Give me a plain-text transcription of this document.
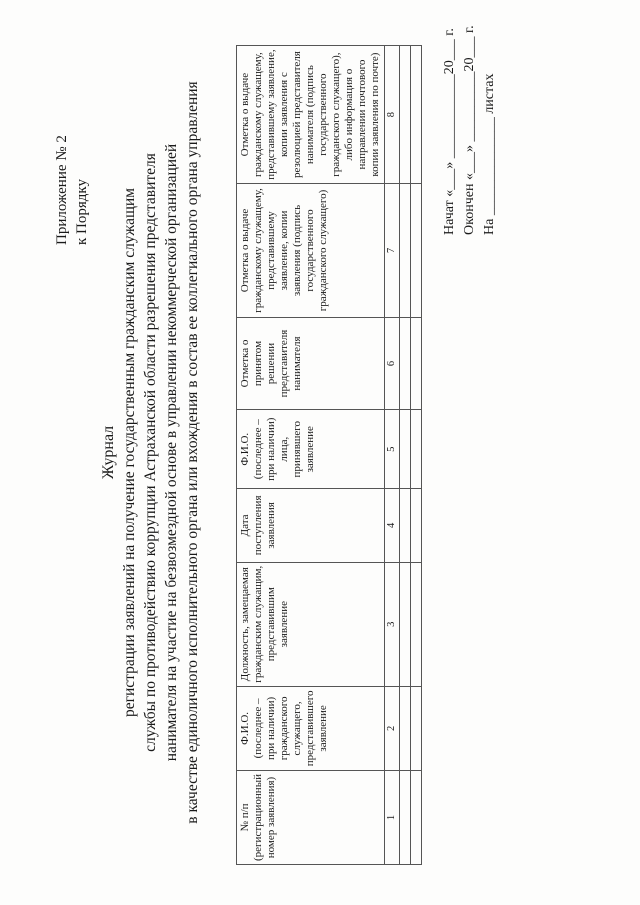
Приложение № 2 к Порядку
Журнал регистрации заявлений на получение государственным гражданским служащим службы по противодействию коррупции Астраханской области разрешения представителя нанимателя на участие на безвозмездной основе в управлении некоммерческой организацией в качестве единоличного исполнительного органа или вхождения в состав ее коллегиального органа управления	№ п/п (регистрационный номер заявления)	Ф.И.О. (последнее – при наличии) гражданского служащего, представившего заявление	Должность, замещаемая гражданским служащим, представившим заявление	Дата поступления заявления	Ф.И.О. (последнее – при наличии) лица, принявшего заявление	Отметка о принятом решении представителя нанимателя	Отметка о выдаче гражданскому служащему, представившему заявление, копии заявления (подпись государственного гражданского служащего)	Отметка о выдаче гражданскому служащему, представившему заявление, копии заявления с резолюцией представителя нанимателя (подпись государственного гражданского служащего), либо информация о направлении почтового копии заявления по почте)
1	2	3	4	5	6	7	8

								Начат «___» ____________20___ г. Окончен «___» __________20___ г. На ______________ листах
